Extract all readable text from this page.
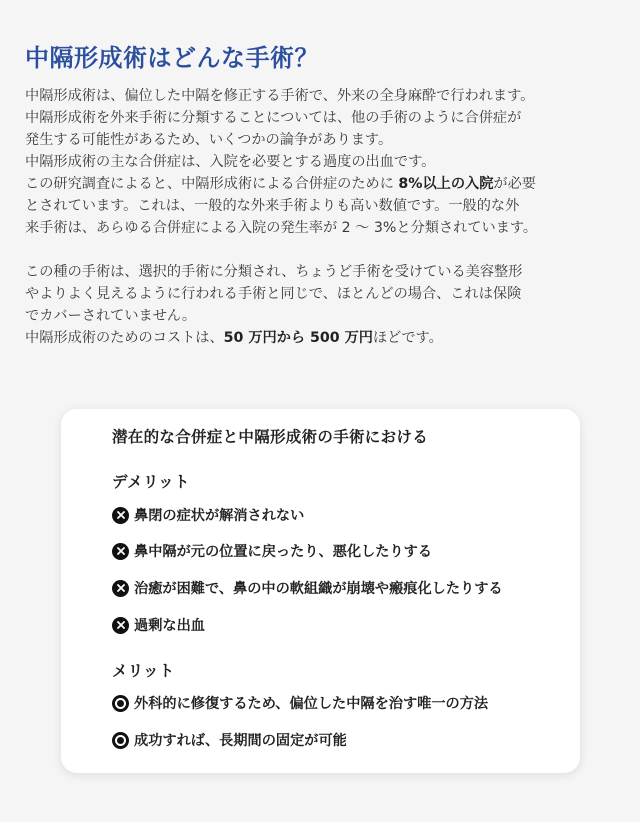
中隔形成術はどんな手術？
中隔形成術は、偏位した中隔を修正する手術で、外来の全身麻酔で行われます。
中隔形成術を外来手術に分類することについては、他の手術のように合併症が
発生する可能性があるため、いくつかの論争があります。
中隔形成術の主な合併症は、入院を必要とする過度の出血です。
この研究調査によると、中隔形成術による合併症のために 8%以上の入院が必要
とされています。これは、一般的な外来手術よりも高い数値です。一般的な外
来手術は、あらゆる合併症による入院の発生率が 2 〜 3%と分類されています。
この種の手術は、選択的手術に分類され、ちょうど手術を受けている美容整形
やよりよく見えるように行われる手術と同じで、ほとんどの場合、これは保険
でカバーされていません。
中隔形成術のためのコストは、50 万円から 500 万円ほどです。
潜在的な合併症と中隔形成術の手術における
デメリット
鼻閉の症状が解消されない
鼻中隔が元の位置に戻ったり、悪化したりする
治癒が困難で、鼻の中の軟組織が崩壊や瘢痕化したりする
過剰な出血
メリット
外科的に修復するため、偏位した中隔を治す唯一の方法
成功すれば、長期間の固定が可能
